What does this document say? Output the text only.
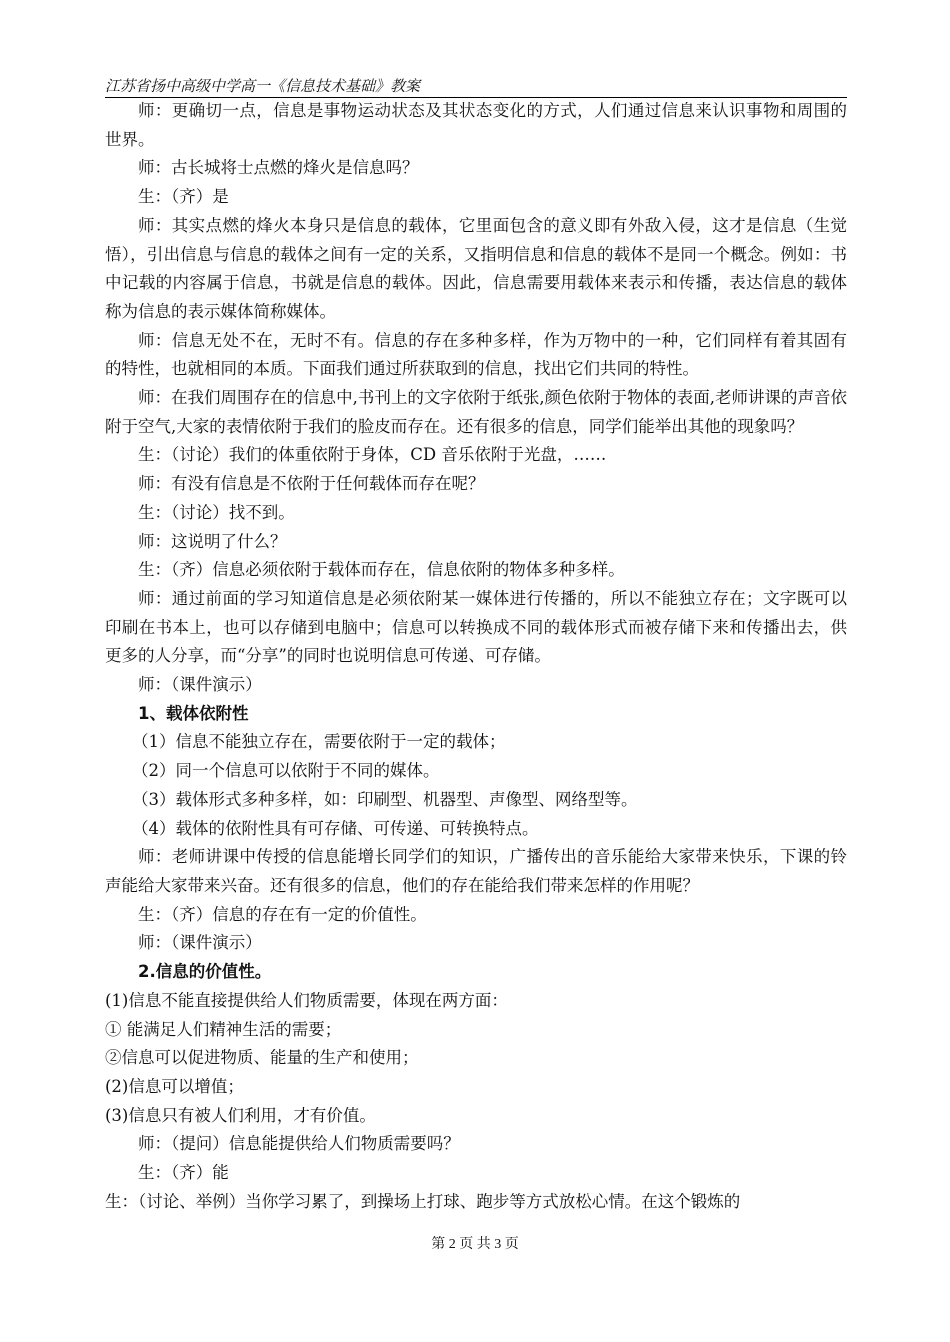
江苏省扬中高级中学高一《信息技术基础》教案

师：更确切一点，信息是事物运动状态及其状态变化的方式，人们通过信息来认识事物和周围的世界。

师：古长城将士点燃的烽火是信息吗？

生：（齐）是

师：其实点燃的烽火本身只是信息的载体，它里面包含的意义即有外敌入侵，这才是信息（生觉悟），引出信息与信息的载体之间有一定的关系，又指明信息和信息的载体不是同一个概念。例如：书中记载的内容属于信息，书就是信息的载体。因此，信息需要用载体来表示和传播，表达信息的载体称为信息的表示媒体简称媒体。

师：信息无处不在，无时不有。信息的存在多种多样，作为万物中的一种，它们同样有着其固有的特性，也就相同的本质。下面我们通过所获取到的信息，找出它们共同的特性。

师：在我们周围存在的信息中,书刊上的文字依附于纸张,颜色依附于物体的表面,老师讲课的声音依附于空气,大家的表情依附于我们的脸皮而存在。还有很多的信息，同学们能举出其他的现象吗？

生：（讨论）我们的体重依附于身体，CD 音乐依附于光盘，……

师：有没有信息是不依附于任何载体而存在呢？

生：（讨论）找不到。

师：这说明了什么？

生：（齐）信息必须依附于载体而存在，信息依附的物体多种多样。

师：通过前面的学习知道信息是必须依附某一媒体进行传播的，所以不能独立存在；文字既可以印刷在书本上，也可以存储到电脑中；信息可以转换成不同的载体形式而被存储下来和传播出去，供更多的人分享，而“分享”的同时也说明信息可传递、可存储。

师：（课件演示）

1、载体依附性

（1）信息不能独立存在，需要依附于一定的载体；

（2）同一个信息可以依附于不同的媒体。

（3）载体形式多种多样，如：印刷型、机器型、声像型、网络型等。

（4）载体的依附性具有可存储、可传递、可转换特点。

师：老师讲课中传授的信息能增长同学们的知识，广播传出的音乐能给大家带来快乐，下课的铃声能给大家带来兴奋。还有很多的信息，他们的存在能给我们带来怎样的作用呢？

生：（齐）信息的存在有一定的价值性。

师：（课件演示）

2.信息的价值性。

(1)信息不能直接提供给人们物质需要，体现在两方面：

① 能满足人们精神生活的需要；

②信息可以促进物质、能量的生产和使用；

(2)信息可以增值；

(3)信息只有被人们利用，才有价值。

师：（提问）信息能提供给人们物质需要吗？

生：（齐）能

生：（讨论、举例）当你学习累了，到操场上打球、跑步等方式放松心情。在这个锻炼的

第 2 页 共 3 页
